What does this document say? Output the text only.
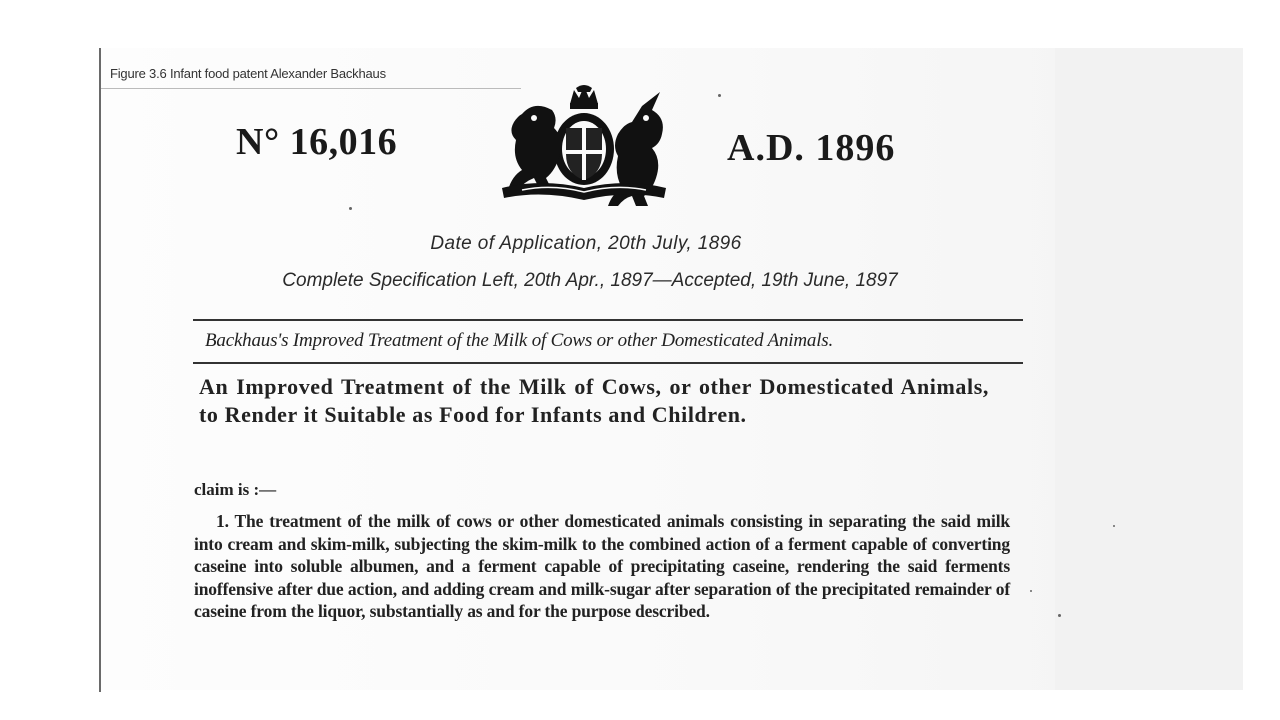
Figure 3.6 Infant food patent Alexander Backhaus
N° 16,016	A.D. 1896
Date of Application, 20th July, 1896
Complete Specification Left, 20th Apr., 1897—Accepted, 19th June, 1897
Backhaus's Improved Treatment of the Milk of Cows or other Domesticated Animals.
An Improved Treatment of the Milk of Cows, or other Domesticated Animals, to Render it Suitable as Food for Infants and Children.
claim is :—
1. The treatment of the milk of cows or other domesticated animals consisting in separating the said milk into cream and skim-milk, subjecting the skim-milk to the combined action of a ferment capable of converting caseine into soluble albumen, and a ferment capable of precipitating caseine, rendering the said ferments inoffensive after due action, and adding cream and milk-sugar after separation of the precipitated remainder of caseine from the liquor, substantially as and for the purpose described.
